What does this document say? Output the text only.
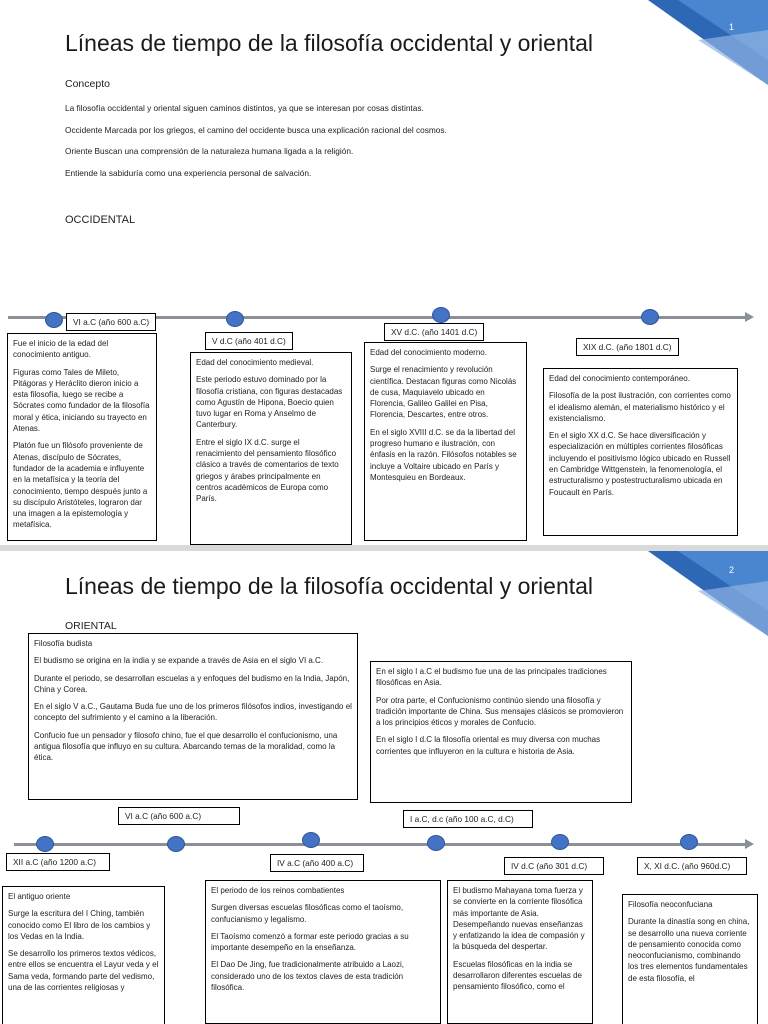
1
Líneas de tiempo de la filosofía occidental y oriental
Concepto
La filosofía occidental y oriental siguen caminos distintos, ya que se interesan por cosas distintas.
Occidente Marcada por los griegos, el camino del occidente busca una explicación racional del cosmos.
Oriente Buscan una comprensión de la naturaleza humana ligada a la religión.
Entiende la sabiduría como una experiencia personal de salvación.
OCCIDENTAL
VI a.C (año 600 a.C)
V d.C (año 401 d.C)
XV d.C. (año 1401 d.C)
XIX d.C. (año 1801 d.C)

Fue el inicio de la edad del conocimiento antiguo.

Figuras como Tales de Mileto, Pitágoras y Heráclito dieron inicio a esta filosofía, luego se recibe a Sócrates como fundador de la filosofía moral y ética, iniciando su trayecto en Atenas.

Platón fue un filósofo proveniente de Atenas, discípulo de Sócrates, fundador de la academia e influyente en la metafísica y la teoría del conocimiento, tiempo después junto a su discípulo Aristóteles, lograron dar una imagen a la epistemología y metafísica.

Edad del conocimiento medieval.

Este periodo estuvo dominado por la filosofía cristiana, con figuras destacadas como Agustín de Hipona, Boecio quien tuvo lugar en Roma y Anselmo de Canterbury.

Entre el siglo IX d.C. surge el renacimiento del pensamiento filosófico clásico a través de comentarios de texto griegos y árabes principalmente en centros académicos de Europa como París.

Edad del conocimiento moderno.

Surge el renacimiento y revolución científica. Destacan figuras como Nicolás de cusa, Maquiavelo ubicado en Florencia, Galileo Galilei en Pisa, Florencia, Descartes, entre otros.

En el siglo XVIII d.C. se da la libertad del progreso humano e ilustración, con énfasis en la razón. Filósofos notables se incluye a Voltaire ubicado en París y Montesquieu en Bordeaux.

Edad del conocimiento contemporáneo.

Filosofía de la post ilustración, con corrientes como el idealismo alemán, el materialismo histórico y el existencialismo.

En el siglo XX d.C. Se hace diversificación y especialización en múltiples corrientes filosóficas incluyendo el positivismo lógico ubicado en Russell en Cambridge Wittgenstein, la fenomenología, el estructuralismo y postestructuralismo ubicada en Foucault en París.

2
Líneas de tiempo de la filosofía occidental y oriental
ORIENTAL

Filosofía budista

El budismo se origina en la india y se expande a través de Asia en el siglo VI a.C.

Durante el periodo, se desarrollan escuelas a y enfoques del budismo en la India, Japón, China y Corea.

En el siglo V a.C., Gautama Buda fue uno de los primeros filósofos indios, investigando el concepto del sufrimiento y el camino a la liberación.

Confucio fue un pensador y filosofo chino, fue el que desarrollo el confucionismo, una antigua filosofía que influyo en su cultura. Abarcando temas de la moralidad, como la ética.

En el siglo I a.C el budismo fue una de las principales tradiciones filosóficas en Asia.

Por otra parte, el Confucionismo continúo siendo una filosofía y tradición importante de China. Sus mensajes clásicos se promovieron a los principios éticos y morales de Confucio.

En el siglo I d.C la filosofía oriental es muy diversa con muchas corrientes que influyeron en la cultura e historia de Asia.

VI a.C (año 600 a.C)	I a.C, d.c (año 100 a.C, d.C)
XII a.C (año 1200 a.C)	IV a.C (año 400 a.C)	IV d.C (año 301 d.C)	X, XI d.C. (año 960d.C)

El antiguo oriente

Surge la escritura del I Ching, también conocido como El libro de los cambios y los Vedas en la India.

Se desarrollo los primeros textos védicos, entre ellos se encuentra el Layur veda y el Sama veda, formando parte del vedismo, una de las corrientes religiosas y

El periodo de los reinos combatientes

Surgen diversas escuelas filosóficas como el taoísmo, confucianismo y legalismo.

El Taoísmo comenzó a formar este periodo gracias a su importante desempeño en la enseñanza.

El Dao De Jing, fue tradicionalmente atribuido a Laozi, considerado uno de los textos claves de esta tradición filosófica.

El budismo Mahayana toma fuerza y se convierte en la corriente filosófica más importante de Asia. Desempeñando nuevas enseñanzas y enfatizando la idea de compasión y la búsqueda del despertar.

Escuelas filosóficas en la india se desarrollaron diferentes escuelas de pensamiento filosófico, como el

Filosofía neoconfuciana

Durante la dinastía song en china, se desarrollo una nueva corriente de pensamiento conocida como neoconfucianismo, combinando los tres elementos fundamentales de esta filosofía, el
